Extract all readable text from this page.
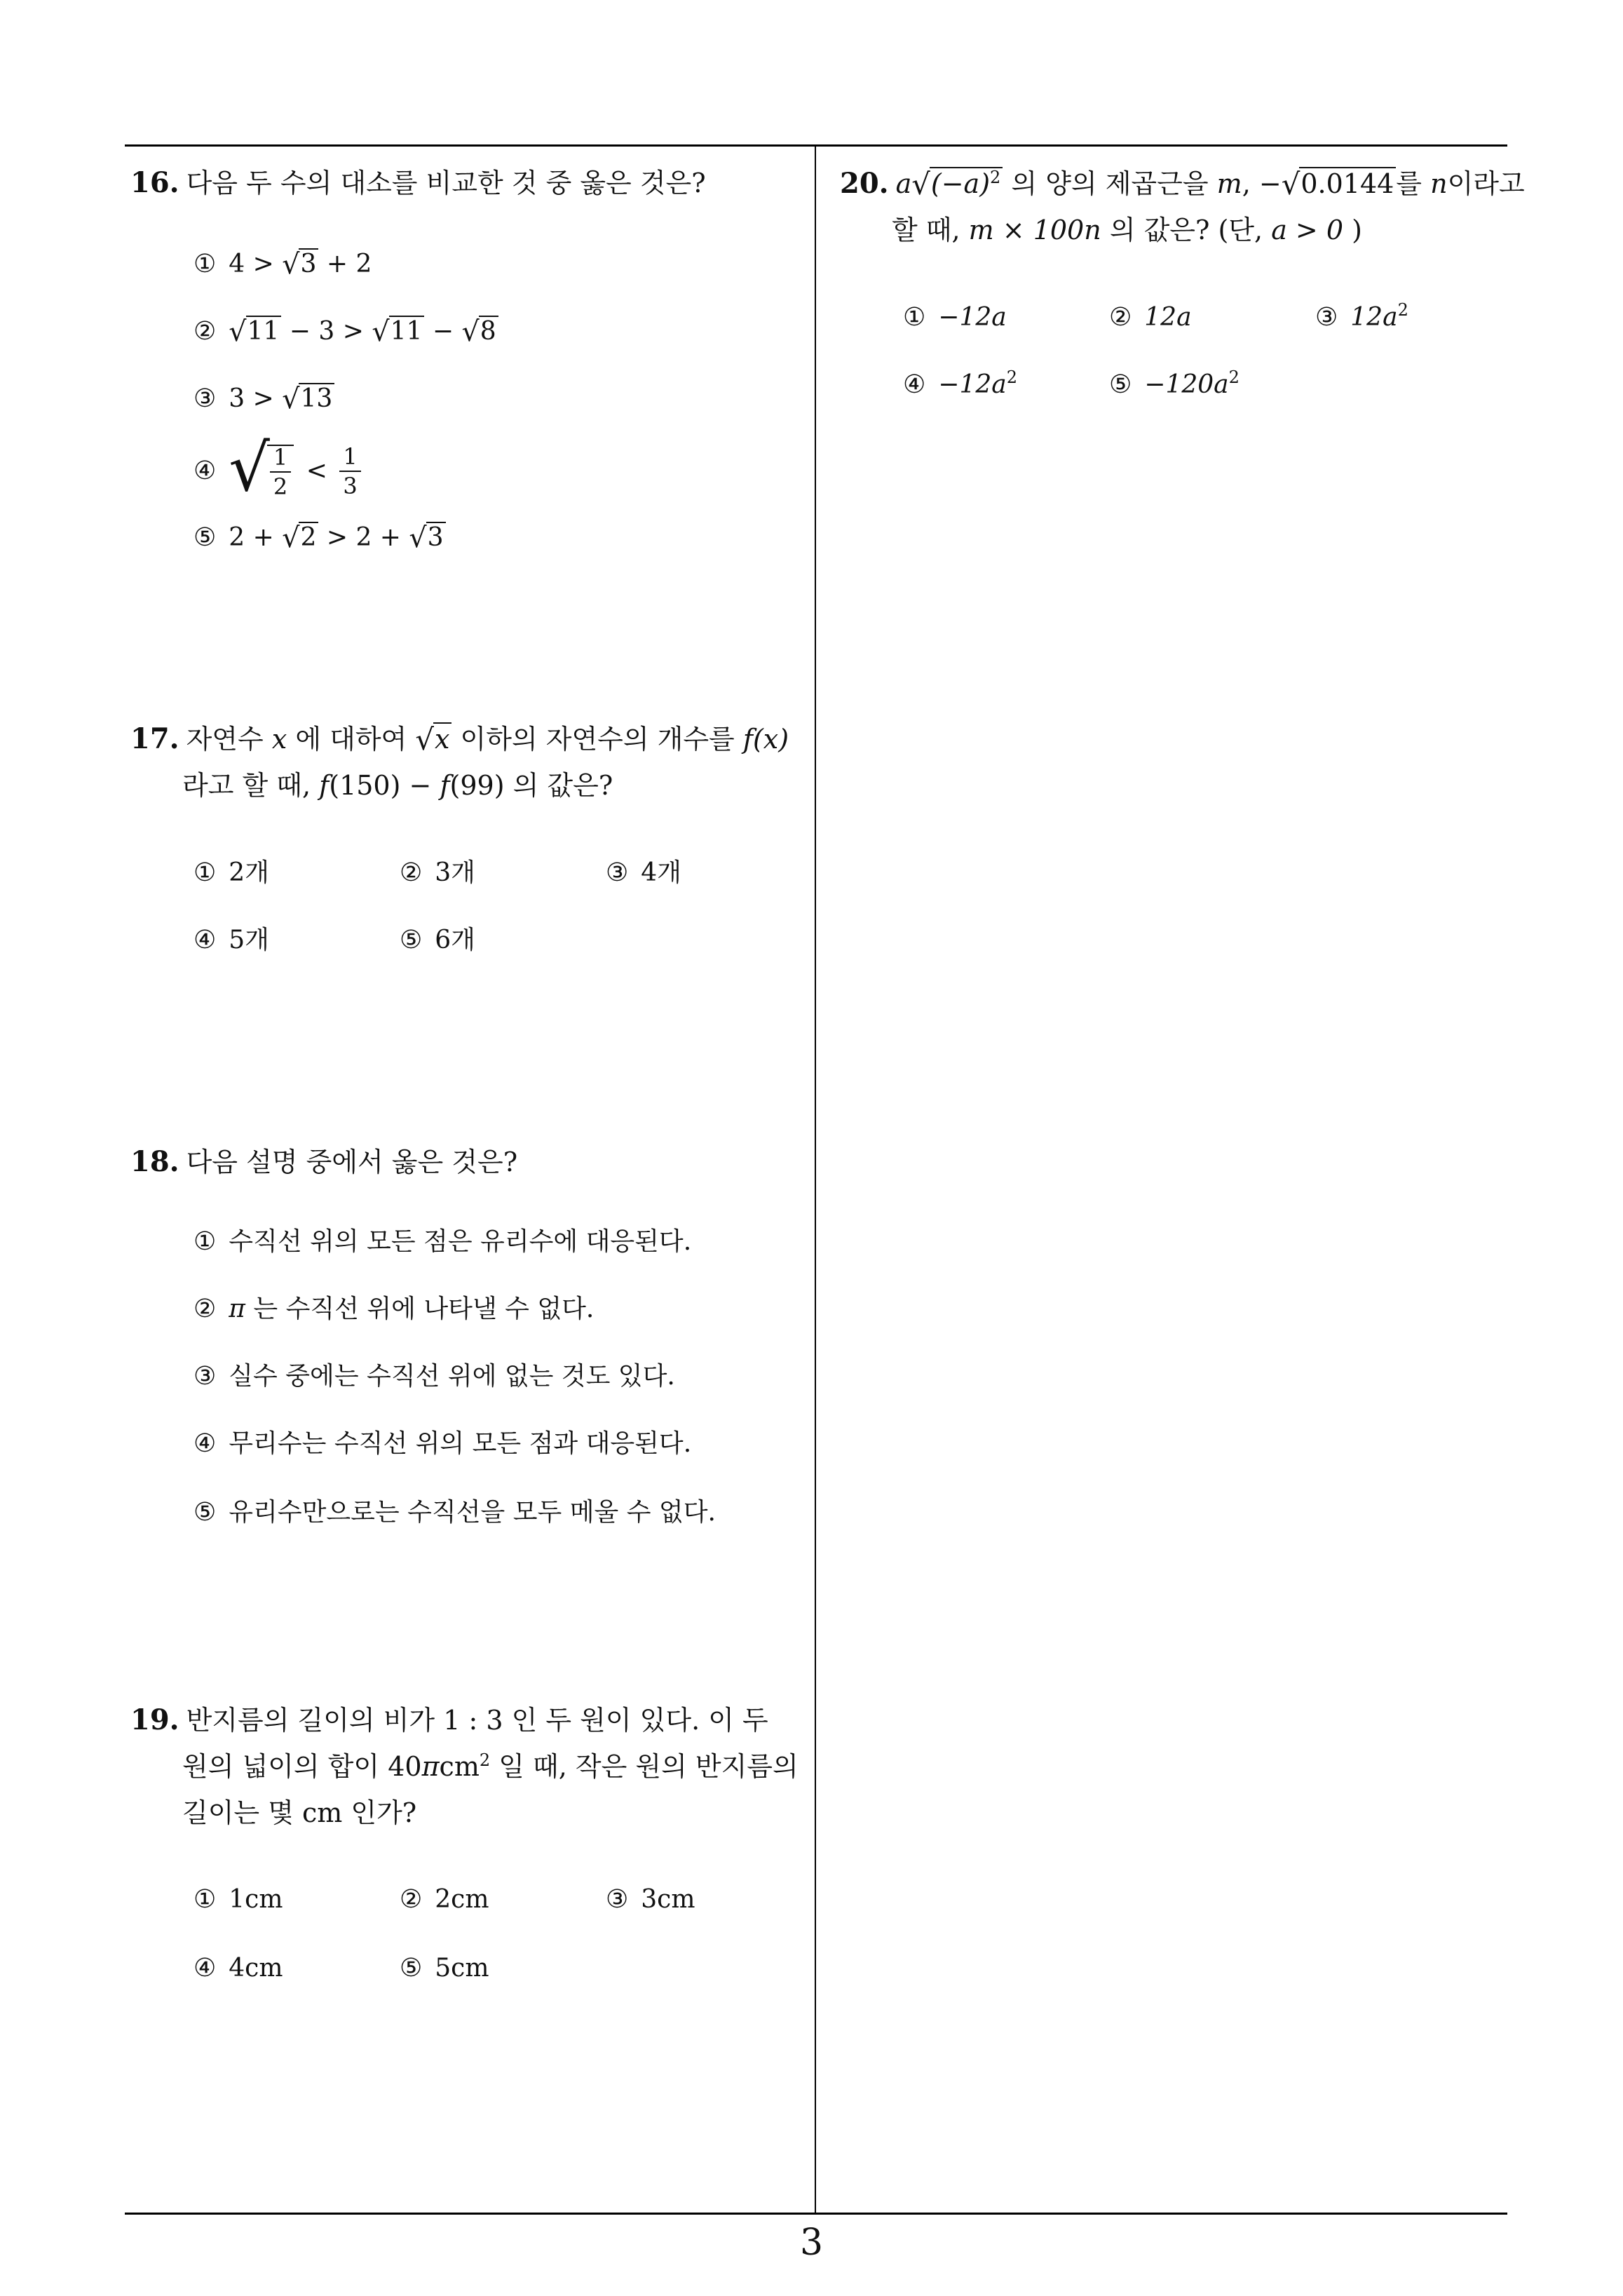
3
16. 다음 두 수의 대소를 비교한 것 중 옳은 것은?
① 4 > √3 + 2
② √11 − 3 > √11 − √8
③ 3 > √13
④ √ $\frac{1}{2} < \frac{1}{3}$
⑤ 2 + √2 > 2 + √3
17. 자연수 x 에 대하여 √x 이하의 자연수의 개수를 f(x)
라고 할 때, f(150) − f(99) 의 값은?
① 2개	② 3개	③ 4개
④ 5개	⑤ 6개
18. 다음 설명 중에서 옳은 것은?
① 수직선 위의 모든 점은 유리수에 대응된다.
② π 는 수직선 위에 나타낼 수 없다.
③ 실수 중에는 수직선 위에 없는 것도 있다.
④ 무리수는 수직선 위의 모든 점과 대응된다.
⑤ 유리수만으로는 수직선을 모두 메울 수 없다.
19. 반지름의 길이의 비가 1 : 3 인 두 원이 있다. 이 두
원의 넓이의 합이 40πcm$^2$ 일 때, 작은 원의 반지름의
길이는 몇 cm 인가?
① 1cm	② 2cm	③ 3cm
④ 4cm	⑤ 5cm
20. $a√(-a)^2$ 의 양의 제곱근을 m, −√0.0144를 n이라고
할 때, m × 100n 의 값은? (단, a > 0 )
① −12a	② 12a	③ $12a^2$
④ $-12a^2$	⑤ $-120a^2$
